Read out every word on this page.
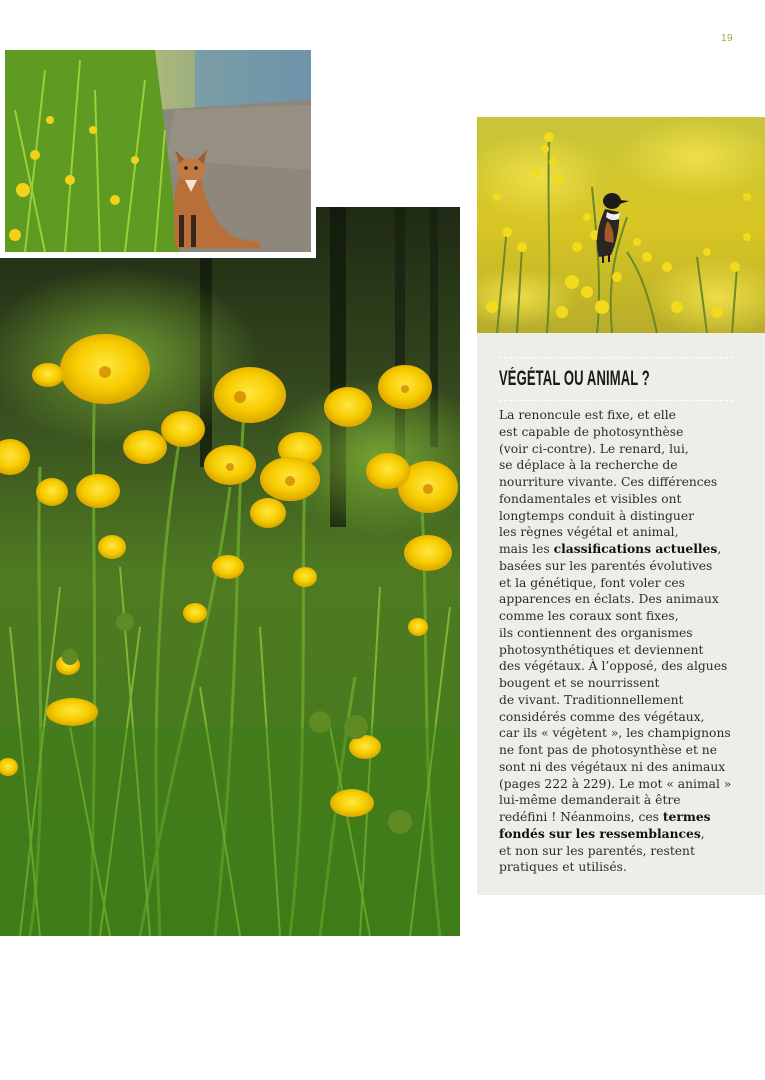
19
VÉGÉTAL OU ANIMAL ?
La renoncule est fixe, et elle
est capable de photosynthèse
(voir ci-contre). Le renard, lui,
se déplace à la recherche de
nourriture vivante. Ces différences
fondamentales et visibles ont
longtemps conduit à distinguer
les règnes végétal et animal,
mais les classifications actuelles,
basées sur les parentés évolutives
et la génétique, font voler ces
apparences en éclats. Des animaux
comme les coraux sont fixes,
ils contiennent des organismes
photosynthétiques et deviennent
des végétaux. À l’opposé, des algues
bougent et se nourrissent
de vivant. Traditionnellement
considérés comme des végétaux,
car ils « végètent », les champignons
ne font pas de photosynthèse et ne
sont ni des végétaux ni des animaux
(pages 222 à 229). Le mot « animal »
lui-même demanderait à être
redéfini ! Néanmoins, ces termes
fondés sur les ressemblances,
et non sur les parentés, restent
pratiques et utilisés.
